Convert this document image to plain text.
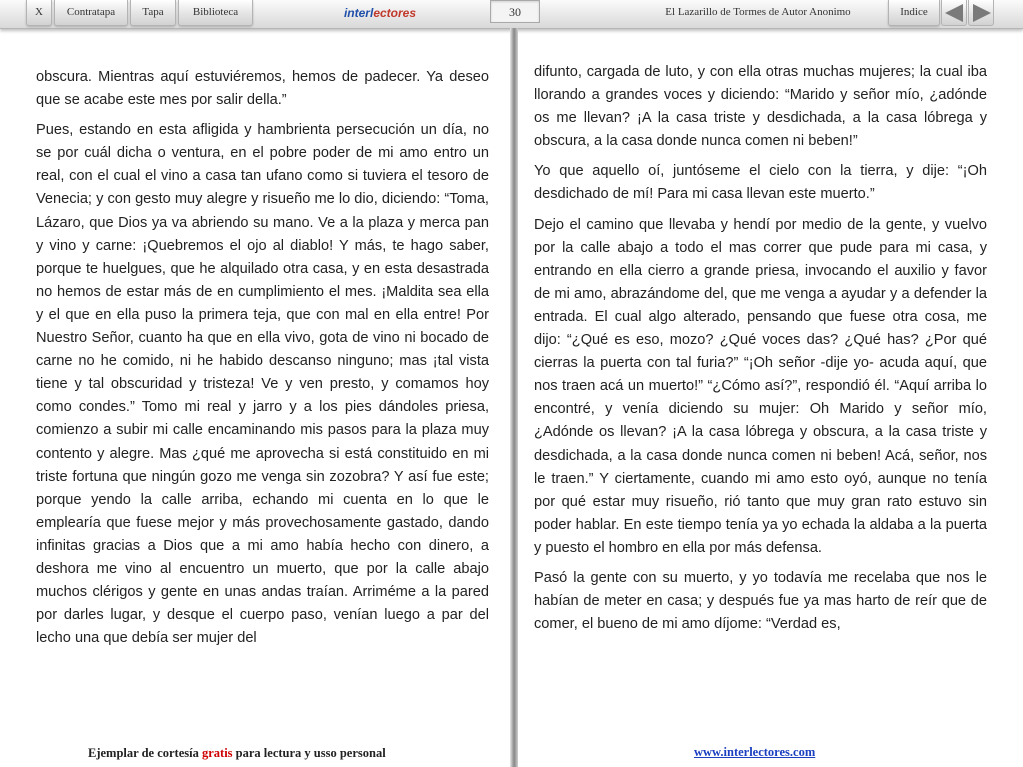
X	Contratapa	Tapa	Biblioteca	interlectores	30	El Lazarillo de Tormes de Autor Anonimo	Indice

obscura. Mientras aquí estuviéremos, hemos de padecer. Ya deseo que se acabe este mes por salir della.”

Pues, estando en esta afligida y hambrienta persecución un día, no se por cuál dicha o ventura, en el pobre poder de mi amo entro un real, con el cual el vino a casa tan ufano como si tuviera el tesoro de Venecia; y con gesto muy alegre y risueño me lo dio, diciendo: “Toma, Lázaro, que Dios ya va abriendo su mano. Ve a la plaza y merca pan y vino y carne: ¡Quebremos el ojo al diablo! Y más, te hago saber, porque te huelgues, que he alquilado otra casa, y en esta desastrada no hemos de estar más de en cumplimiento el mes. ¡Maldita sea ella y el que en ella puso la primera teja, que con mal en ella entre! Por Nuestro Señor, cuanto ha que en ella vivo, gota de vino ni bocado de carne no he comido, ni he habido descanso ninguno; mas ¡tal vista tiene y tal obscuridad y tristeza! Ve y ven presto, y comamos hoy como condes.” Tomo mi real y jarro y a los pies dándoles priesa, comienzo a subir mi calle encaminando mis pasos para la plaza muy contento y alegre. Mas ¿qué me aprovecha si está constituido en mi triste fortuna que ningún gozo me venga sin zozobra? Y así fue este; porque yendo la calle arriba, echando mi cuenta en lo que le emplearía que fuese mejor y más provechosamente gastado, dando infinitas gracias a Dios que a mi amo había hecho con dinero, a deshora me vino al encuentro un muerto, que por la calle abajo muchos clérigos y gente en unas andas traían. Arriméme a la pared por darles lugar, y desque el cuerpo paso, venían luego a par del lecho una que debía ser mujer del

difunto, cargada de luto, y con ella otras muchas mujeres; la cual iba llorando a grandes voces y diciendo: “Marido y señor mío, ¿adónde os me llevan? ¡A la casa triste y desdichada, a la casa lóbrega y obscura, a la casa donde nunca comen ni beben!”

Yo que aquello oí, juntóseme el cielo con la tierra, y dije: “¡Oh desdichado de mí! Para mi casa llevan este muerto.”

Dejo el camino que llevaba y hendí por medio de la gente, y vuelvo por la calle abajo a todo el mas correr que pude para mi casa, y entrando en ella cierro a grande priesa, invocando el auxilio y favor de mi amo, abrazándome del, que me venga a ayudar y a defender la entrada. El cual algo alterado, pensando que fuese otra cosa, me dijo: “¿Qué es eso, mozo? ¿Qué voces das? ¿Qué has? ¿Por qué cierras la puerta con tal furia?” “¡Oh señor -dije yo- acuda aquí, que nos traen acá un muerto!” “¿Cómo así?”, respondió él. “Aquí arriba lo encontré, y venía diciendo su mujer: Oh Marido y señor mío, ¿Adónde os llevan? ¡A la casa lóbrega y obscura, a la casa triste y desdichada, a la casa donde nunca comen ni beben! Acá, señor, nos le traen.” Y ciertamente, cuando mi amo esto oyó, aunque no tenía por qué estar muy risueño, rió tanto que muy gran rato estuvo sin poder hablar. En este tiempo tenía ya yo echada la aldaba a la puerta y puesto el hombro en ella por más defensa.

Pasó la gente con su muerto, y yo todavía me recelaba que nos le habían de meter en casa; y después fue ya mas harto de reír que de comer, el bueno de mi amo díjome: “Verdad es,

Ejemplar de cortesía gratis para lectura y usso personal	www.interlectores.com
